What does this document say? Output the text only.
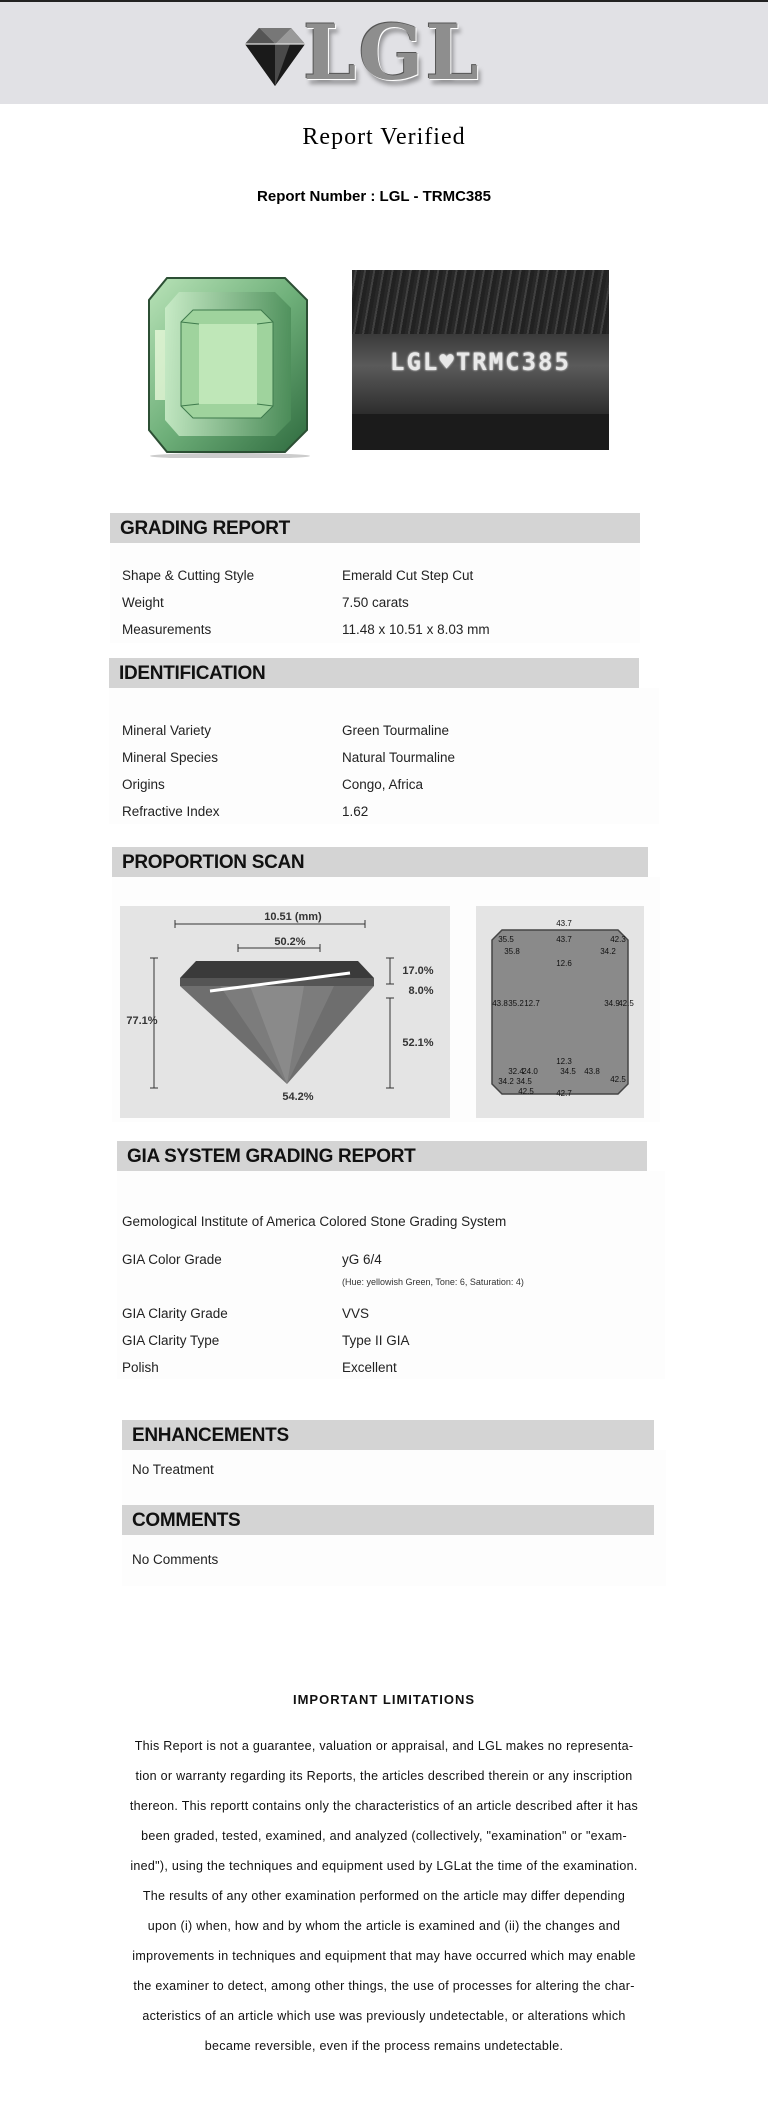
LGL
Report Verified
Report Number : LGL - TRMC385
LGL♥TRMC385
GRADING REPORT
Shape & Cutting Style	Emerald Cut Step Cut
Weight	7.50 carats
Measurements	11.48 x 10.51 x 8.03 mm
IDENTIFICATION
Mineral Variety	Green Tourmaline
Mineral Species	Natural Tourmaline
Origins	Congo, Africa
Refractive Index	1.62
PROPORTION SCAN
10.51 (mm)
50.2%
77.1%
17.0%
8.0%
52.1%
54.2%
43.7
35.5	42.3
43.7
35.8	34.2
12.6
43.8 35.2 12.7	34.9
42.5
12.3
32.4
24.0	34.5 43.8
34.2 34.5	42.5
42.5	42.7
GIA SYSTEM GRADING REPORT
Gemological Institute of America Colored Stone Grading System
GIA Color Grade	yG 6/4
(Hue: yellowish Green, Tone: 6, Saturation: 4)
GIA Clarity Grade	VVS
GIA Clarity Type	Type II GIA
Polish	Excellent
ENHANCEMENTS
No Treatment
COMMENTS
No Comments
IMPORTANT LIMITATIONS
This Report is not a guarantee, valuation or appraisal, and LGL makes no representa-
tion or warranty regarding its Reports, the articles described therein or any inscription
thereon. This reportt contains only the characteristics of an article described after it has
been graded, tested, examined, and analyzed (collectively, "examination" or "exam-
ined"), using the techniques and equipment used by LGLat the time of the examination.
The results of any other examination performed on the article may differ depending
upon (i) when, how and by whom the article is examined and (ii) the changes and
improvements in techniques and equipment that may have occurred which may enable
the examiner to detect, among other things, the use of processes for altering the char-
acteristics of an article which use was previously undetectable, or alterations which
became reversible, even if the process remains undetectable.
